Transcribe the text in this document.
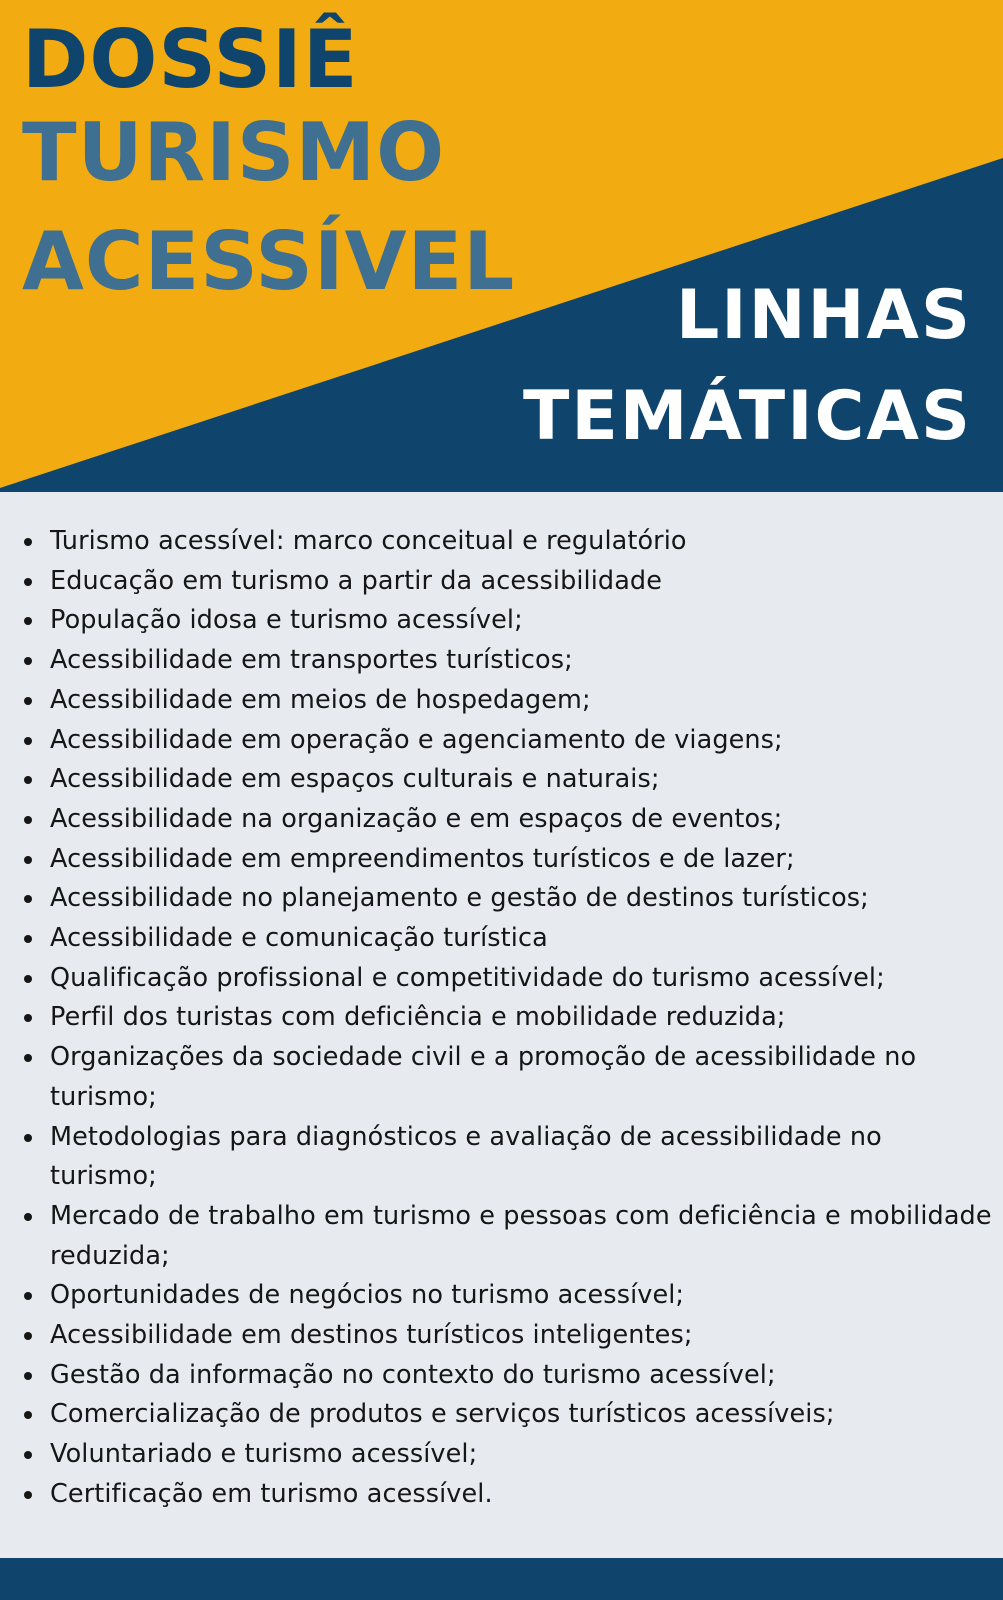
DOSSIÊ
TURISMO
ACESSÍVEL
LINHAS
TEMÁTICAS
Turismo acessível: marco conceitual e regulatório
Educação em turismo a partir da acessibilidade
População idosa e turismo acessível;
Acessibilidade em transportes turísticos;
Acessibilidade em meios de hospedagem;
Acessibilidade em operação e agenciamento de viagens;
Acessibilidade em espaços culturais e naturais;
Acessibilidade na organização e em espaços de eventos;
Acessibilidade em empreendimentos turísticos e de lazer;
Acessibilidade no planejamento e gestão de destinos turísticos;
Acessibilidade e comunicação turística
Qualificação profissional e competitividade do turismo acessível;
Perfil dos turistas com deficiência e mobilidade reduzida;
Organizações da sociedade civil e a promoção de acessibilidade no turismo;
Metodologias para diagnósticos e avaliação de acessibilidade no turismo;
Mercado de trabalho em turismo e pessoas com deficiência e mobilidade reduzida;
Oportunidades de negócios no turismo acessível;
Acessibilidade em destinos turísticos inteligentes;
Gestão da informação no contexto do turismo acessível;
Comercialização de produtos e serviços turísticos acessíveis;
Voluntariado e turismo acessível;
Certificação em turismo acessível.
